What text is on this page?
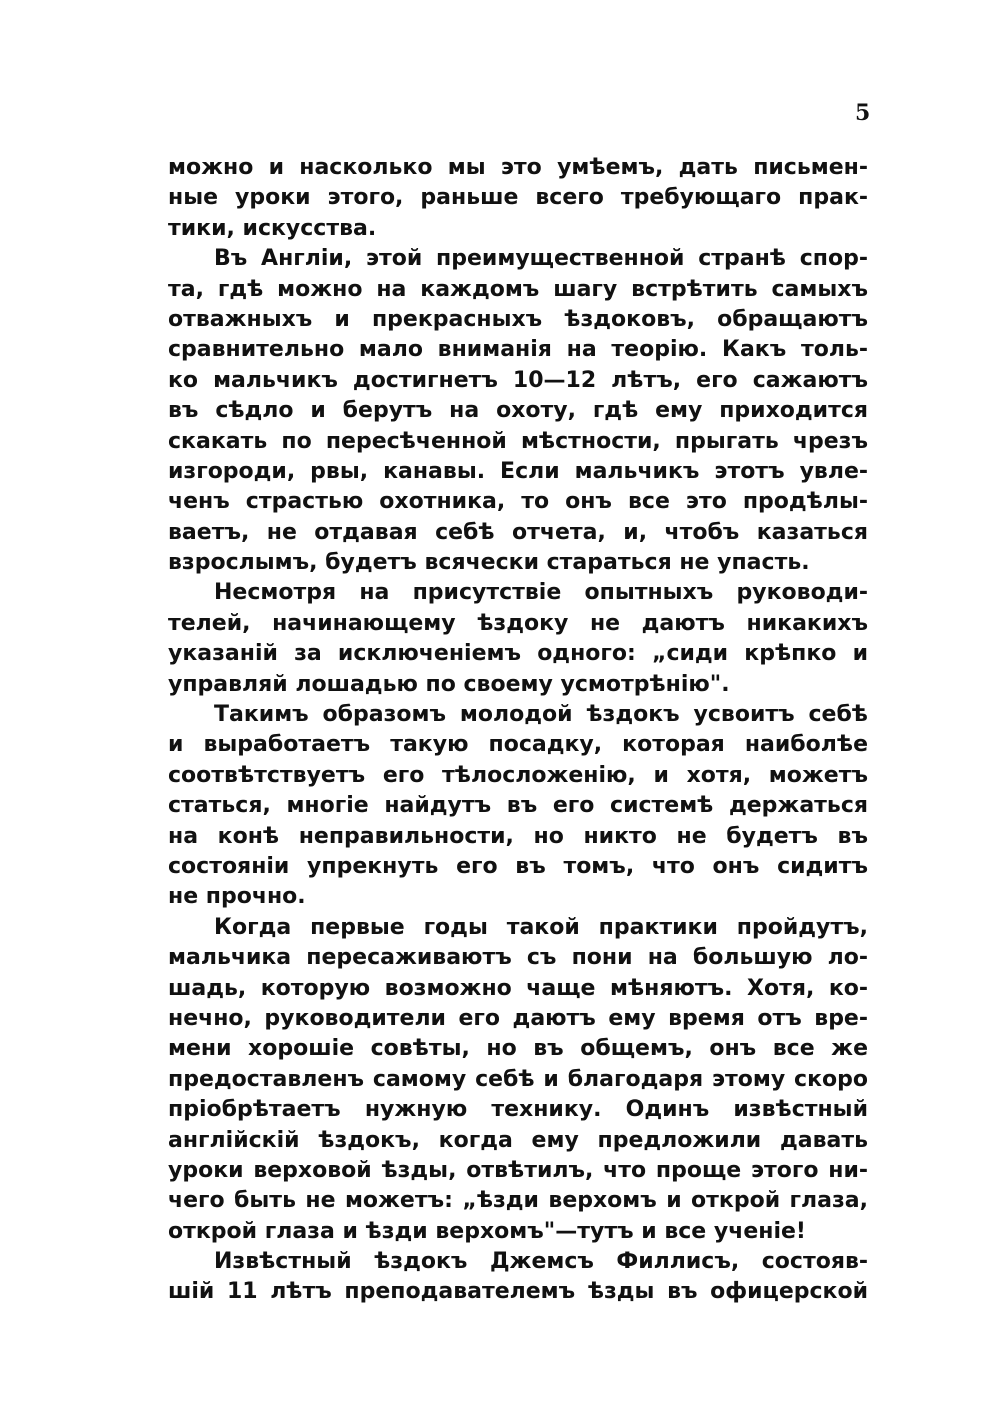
5
можно и насколько мы это умѣемъ, дать письмен-
ные уроки этого, раньше всего требующаго прак-
тики, искусства.
Въ Англіи, этой преимущественной странѣ спор-
та, гдѣ можно на каждомъ шагу встрѣтить самыхъ
отважныхъ и прекрасныхъ ѣздоковъ, обращаютъ
сравнительно мало вниманія на теорію. Какъ толь-
ко мальчикъ достигнетъ 10—12 лѣтъ, его сажаютъ
въ сѣдло и берутъ на охоту, гдѣ ему приходится
скакать по пересѣченной мѣстности, прыгать чрезъ
изгороди, рвы, канавы. Если мальчикъ этотъ увле-
ченъ страстью охотника, то онъ все это продѣлы-
ваетъ, не отдавая себѣ отчета, и, чтобъ казаться
взрослымъ, будетъ всячески стараться не упасть.
Несмотря на присутствіе опытныхъ руководи-
телей, начинающему ѣздоку не даютъ никакихъ
указаній за исключеніемъ одного: „сиди крѣпко и
управляй лошадью по своему усмотрѣнію".
Такимъ образомъ молодой ѣздокъ усвоитъ себѣ
и выработаетъ такую посадку, которая наиболѣе
соотвѣтствуетъ его тѣлосложенію, и хотя, можетъ
статься, многіе найдутъ въ его системѣ держаться
на конѣ неправильности, но никто не будетъ въ
состояніи упрекнуть его въ томъ, что онъ сидитъ
не прочно.
Когда первые годы такой практики пройдутъ,
мальчика пересаживаютъ съ пони на большую ло-
шадь, которую возможно чаще мѣняютъ. Хотя, ко-
нечно, руководители его даютъ ему время отъ вре-
мени хорошіе совѣты, но въ общемъ, онъ все же
предоставленъ самому себѣ и благодаря этому скоро
пріобрѣтаетъ нужную технику. Одинъ извѣстный
англійскій ѣздокъ, когда ему предложили давать
уроки верховой ѣзды, отвѣтилъ, что проще этого ни-
чего быть не можетъ: „ѣзди верхомъ и открой глаза,
открой глаза и ѣзди верхомъ"—тутъ и все ученіе!
Извѣстный ѣздокъ Джемсъ Филлисъ, состояв-
шій 11 лѣтъ преподавателемъ ѣзды въ офицерской
